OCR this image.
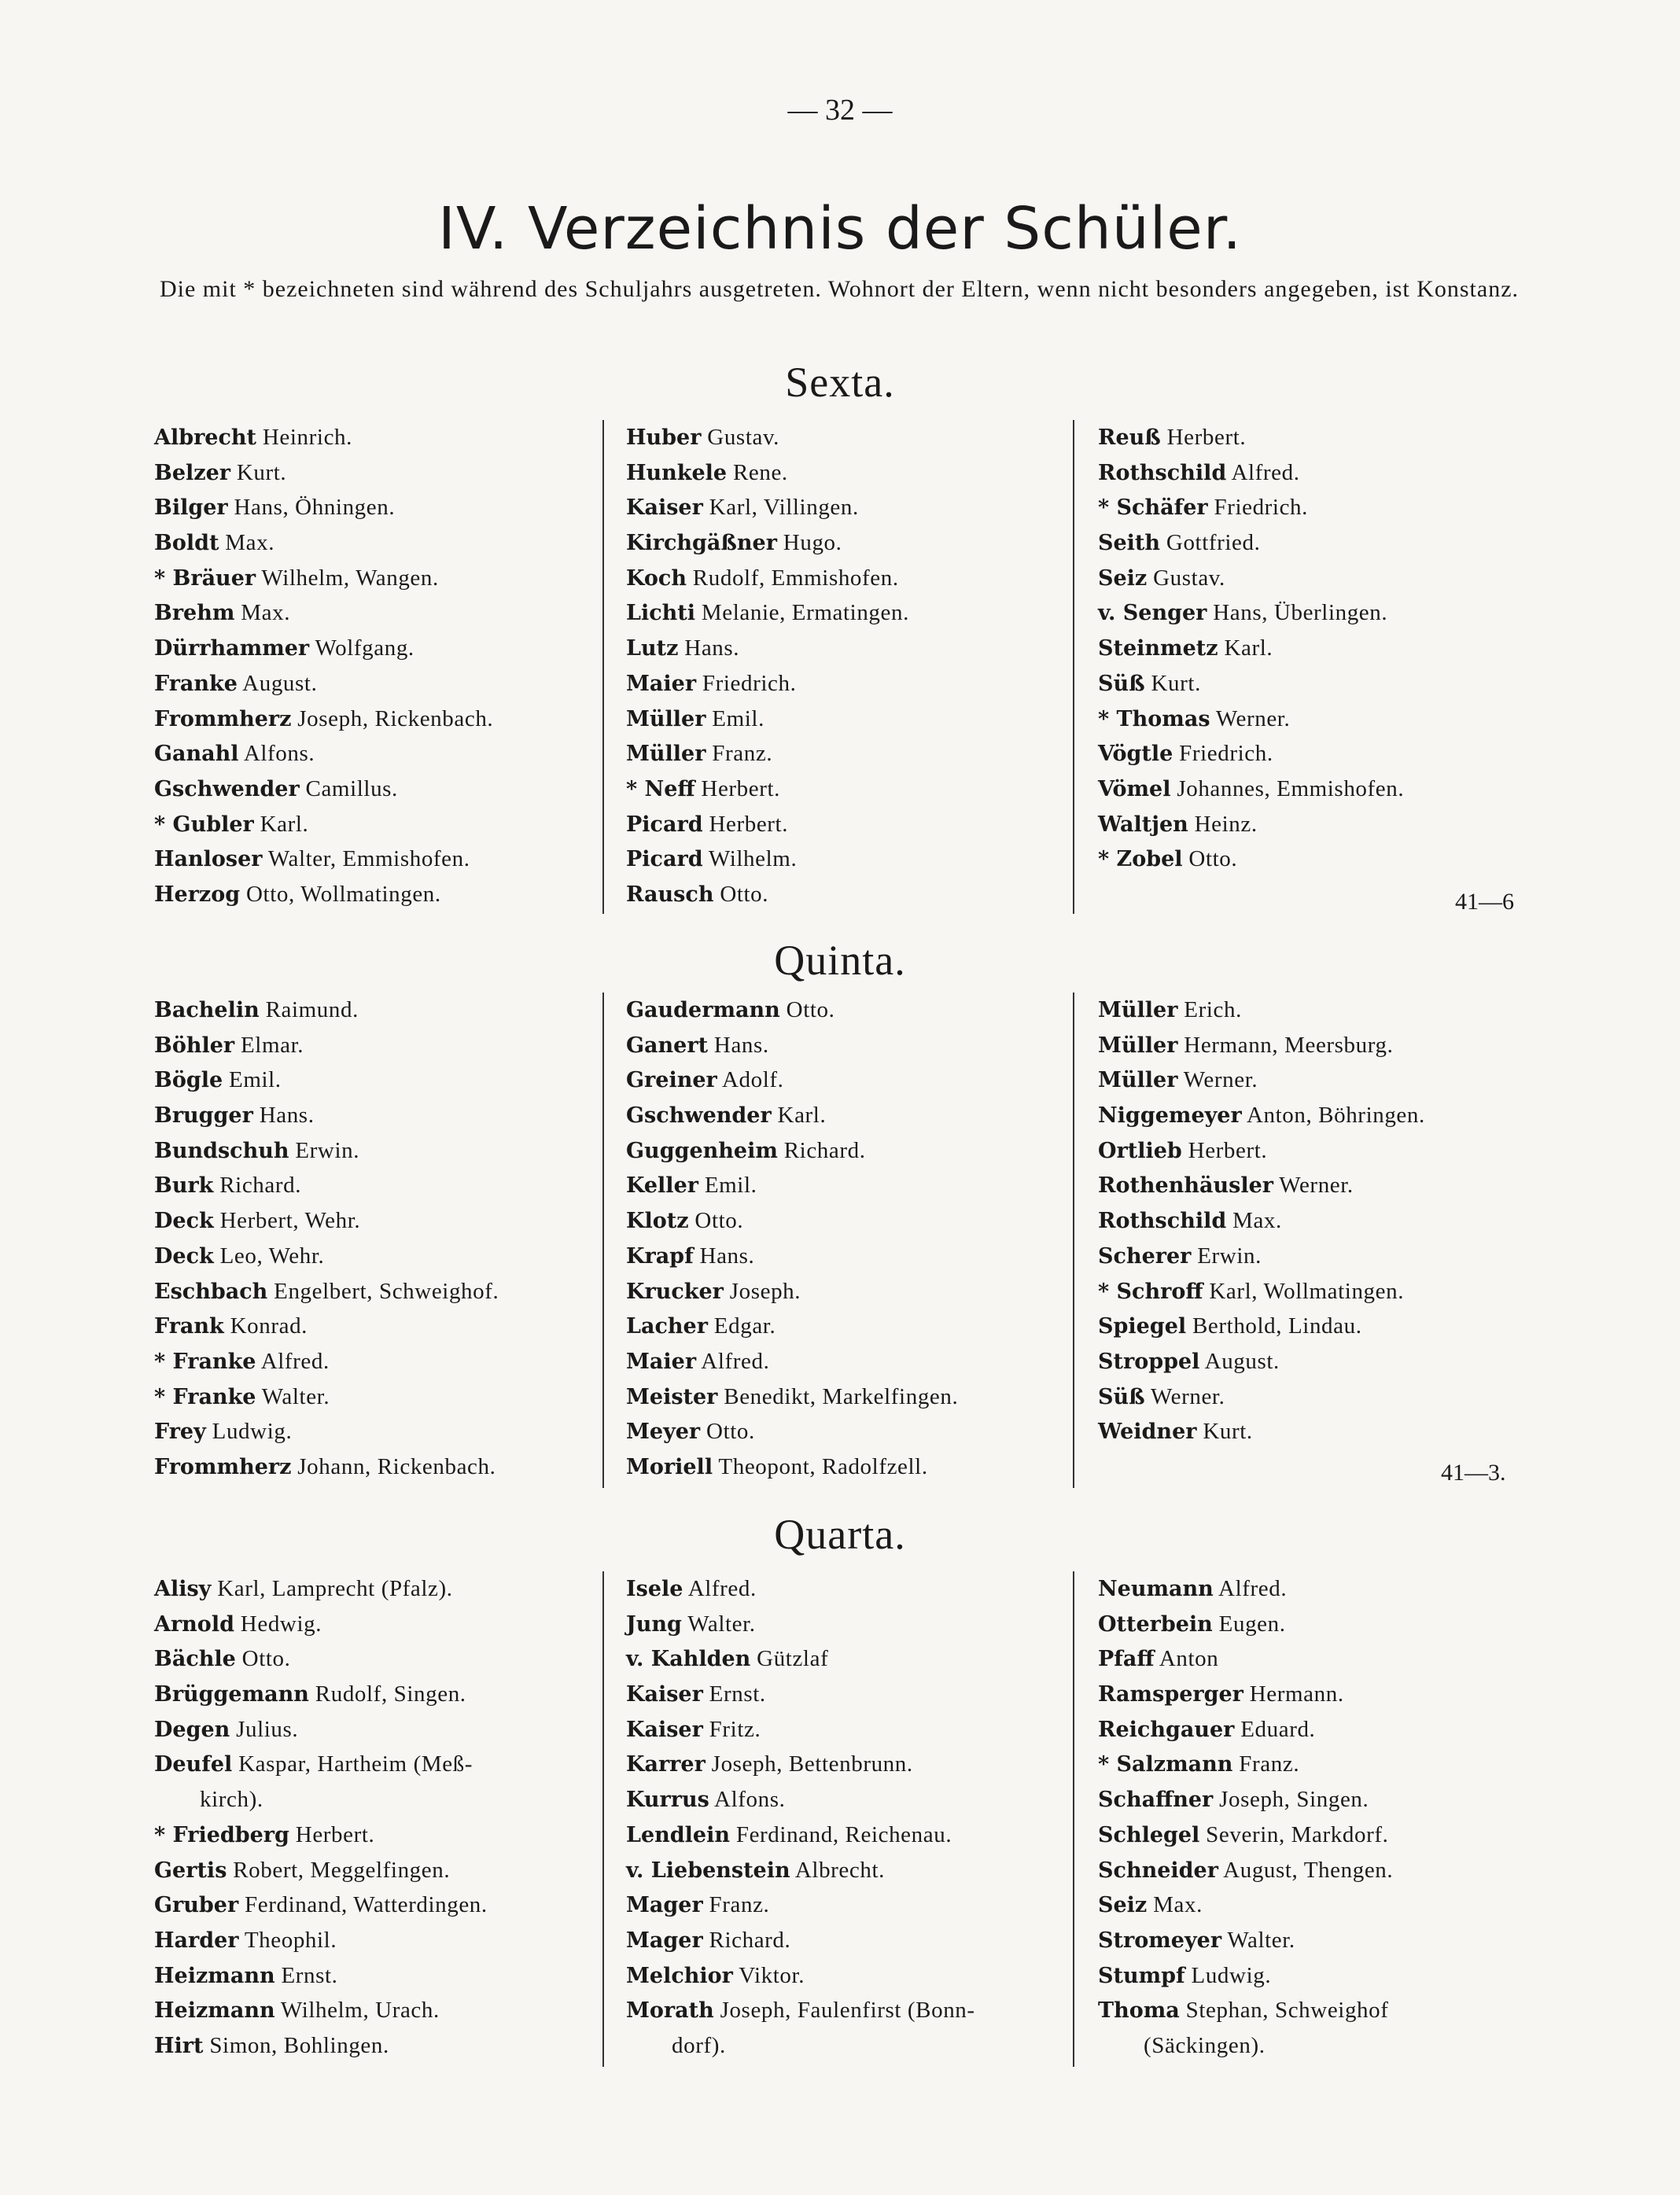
— 32 —
IV. Verzeichnis der Schüler.
Die mit * bezeichneten sind während des Schuljahrs ausgetreten. Wohnort der Eltern, wenn nicht besonders angegeben, ist Konstanz.
Sexta.
Albrecht Heinrich.
Belzer Kurt.
Bilger Hans, Öhningen.
Boldt Max.
* Bräuer Wilhelm, Wangen.
Brehm Max.
Dürrhammer Wolfgang.
Franke August.
Frommherz Joseph, Rickenbach.
Ganahl Alfons.
Gschwender Camillus.
* Gubler Karl.
Hanloser Walter, Emmishofen.
Herzog Otto, Wollmatingen.
Huber Gustav.
Hunkele Rene.
Kaiser Karl, Villingen.
Kirchgäßner Hugo.
Koch Rudolf, Emmishofen.
Lichti Melanie, Ermatingen.
Lutz Hans.
Maier Friedrich.
Müller Emil.
Müller Franz.
* Neff Herbert.
Picard Herbert.
Picard Wilhelm.
Rausch Otto.
Reuß Herbert.
Rothschild Alfred.
* Schäfer Friedrich.
Seith Gottfried.
Seiz Gustav.
v. Senger Hans, Überlingen.
Steinmetz Karl.
Süß Kurt.
* Thomas Werner.
Vögtle Friedrich.
Vömel Johannes, Emmishofen.
Waltjen Heinz.
* Zobel Otto.
41—6
Quinta.
Bachelin Raimund.
Böhler Elmar.
Bögle Emil.
Brugger Hans.
Bundschuh Erwin.
Burk Richard.
Deck Herbert, Wehr.
Deck Leo, Wehr.
Eschbach Engelbert, Schweighof.
Frank Konrad.
* Franke Alfred.
* Franke Walter.
Frey Ludwig.
Frommherz Johann, Rickenbach.
Gaudermann Otto.
Ganert Hans.
Greiner Adolf.
Gschwender Karl.
Guggenheim Richard.
Keller Emil.
Klotz Otto.
Krapf Hans.
Krucker Joseph.
Lacher Edgar.
Maier Alfred.
Meister Benedikt, Markelfingen.
Meyer Otto.
Moriell Theopont, Radolfzell.
Müller Erich.
Müller Hermann, Meersburg.
Müller Werner.
Niggemeyer Anton, Böhringen.
Ortlieb Herbert.
Rothenhäusler Werner.
Rothschild Max.
Scherer Erwin.
* Schroff Karl, Wollmatingen.
Spiegel Berthold, Lindau.
Stroppel August.
Süß Werner.
Weidner Kurt.
41—3.
Quarta.
Alisy Karl, Lamprecht (Pfalz).
Arnold Hedwig.
Bächle Otto.
Brüggemann Rudolf, Singen.
Degen Julius.
Deufel Kaspar, Hartheim (Meß-
kirch).
* Friedberg Herbert.
Gertis Robert, Meggelfingen.
Gruber Ferdinand, Watterdingen.
Harder Theophil.
Heizmann Ernst.
Heizmann Wilhelm, Urach.
Hirt Simon, Bohlingen.
Isele Alfred.
Jung Walter.
v. Kahlden Gützlaf
Kaiser Ernst.
Kaiser Fritz.
Karrer Joseph, Bettenbrunn.
Kurrus Alfons.
Lendlein Ferdinand, Reichenau.
v. Liebenstein Albrecht.
Mager Franz.
Mager Richard.
Melchior Viktor.
Morath Joseph, Faulenfirst (Bonn-
dorf).
Neumann Alfred.
Otterbein Eugen.
Pfaff Anton
Ramsperger Hermann.
Reichgauer Eduard.
* Salzmann Franz.
Schaffner Joseph, Singen.
Schlegel Severin, Markdorf.
Schneider August, Thengen.
Seiz Max.
Stromeyer Walter.
Stumpf Ludwig.
Thoma Stephan, Schweighof
(Säckingen).
